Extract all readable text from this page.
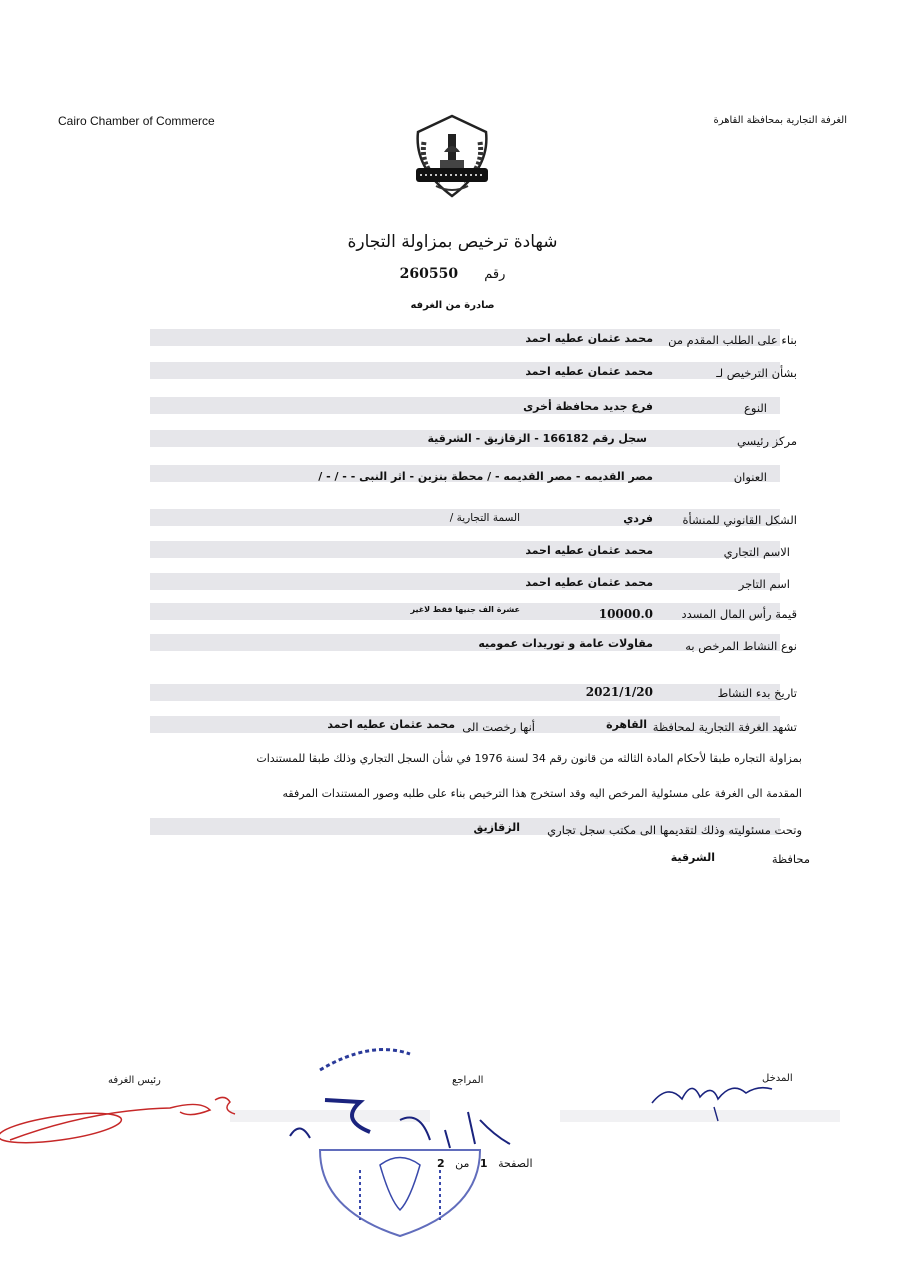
Cairo Chamber of Commerce	الغرفة التجارية بمحافظة القاهرة
شهادة ترخيص بمزاولة التجارة
رقم 260550
صادرة من الغرفه
بناء على الطلب المقدم من
محمد عثمان عطيه احمد
بشأن الترخيص لـ
محمد عثمان عطيه احمد
النوع
فرع جديد محافظة أخرى
مركز رئيسي
سجل رقم 166182 - الزقازيق - الشرقية
العنوان
مصر القديمه - مصر القديمه - / محطة بنزين - اثر النبى - - / - /
الشكل القانوني للمنشأة
فردي
السمة التجارية /
الاسم التجاري
محمد عثمان عطيه احمد
اسم التاجر
محمد عثمان عطيه احمد
قيمة رأس المال المسدد
10000.0
عشرة الف جنيها فقط لاغير
نوع النشاط المرخص به
مقاولات عامة و توريدات عموميه
تاريخ بدء النشاط
2021/1/20
تشهد الغرفة التجارية لمحافظة
القاهرة
أنها رخصت الى
محمد عثمان عطيه احمد
بمزاولة التجاره طبقا لأحكام المادة الثالثه من قانون رقم 34 لسنة 1976 في شأن السجل التجاري وذلك طبقا للمستندات
المقدمة الى الغرفة على مسئولية المرخص اليه وقد استخرج هذا الترخيص بناء على طلبه وصور المستندات المرفقه
وتحت مسئوليته وذلك لتقديمها الى مكتب سجل تجاري
الزقازيق
محافظة
الشرقية
المدخل
المراجع
رئيس الغرفه
الصفحة 1 من 2
